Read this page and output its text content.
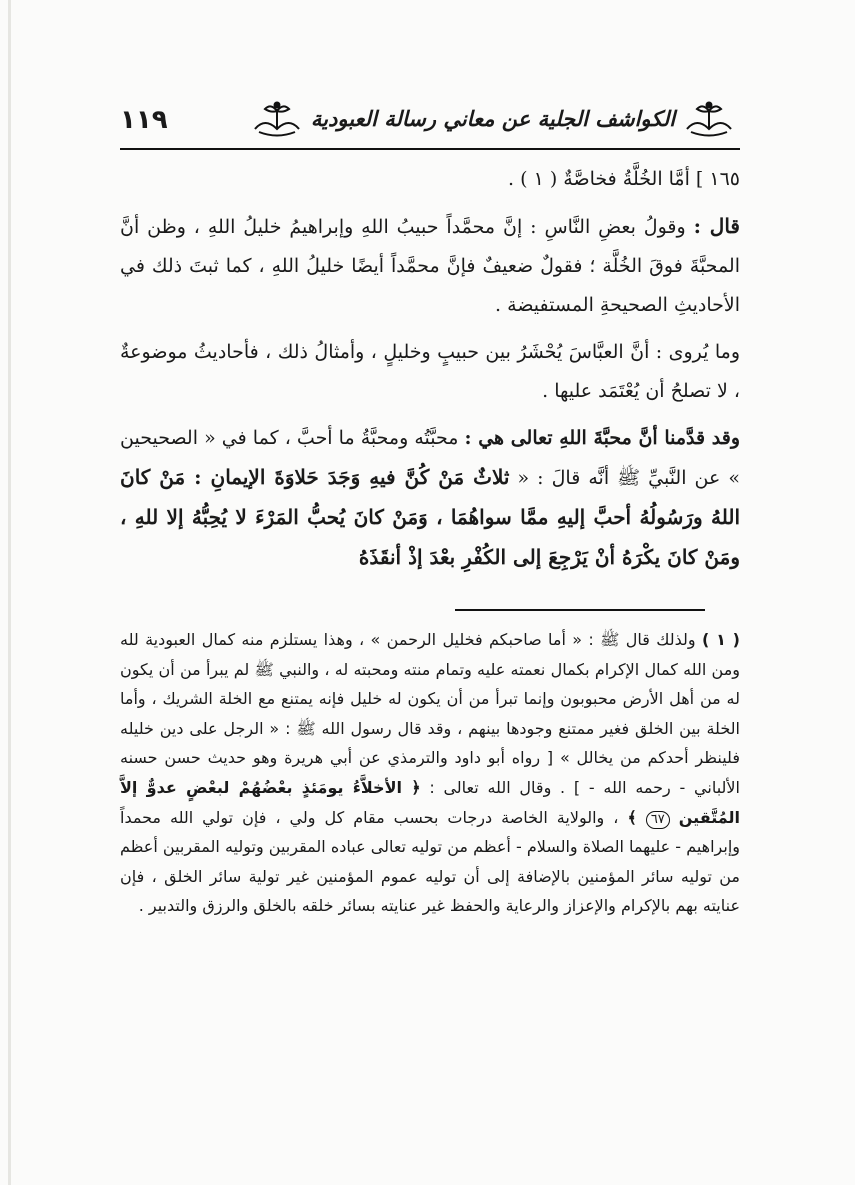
١١٩	الكواشف الجلية عن معاني رسالة العبودية

١٦٥ ] أمَّا الخُلَّةُ فخاصَّةٌ ( ١ ) .

قال : وقولُ بعضِ النَّاسِ : إنَّ محمَّداً حبيبُ اللهِ وإبراهيمُ خليلُ اللهِ ، وظن أنَّ المحبَّةَ فوقَ الخُلَّة ؛ فقولٌ ضعيفٌ فإنَّ محمَّداً أيضًا خليلُ اللهِ ، كما ثبتَ ذلك في الأحاديثِ الصحيحةِ المستفيضة .

وما يُروى : أنَّ العبَّاسَ يُحْشَرُ بين حبيبٍ وخليلٍ ، وأمثالُ ذلك ، فأحاديثُ موضوعةٌ ، لا تصلحُ أن يُعْتَمَد عليها .

وقد قدَّمنا أنَّ محبَّةَ اللهِ تعالى هي : محبَّتُه ومحبَّةُ ما أحبَّ ، كما في « الصحيحين » عن النَّبيِّ ﷺ أنَّه قالَ : « ثلاثٌ مَنْ كُنَّ فيهِ وَجَدَ حَلاوَةَ الإيمانِ : مَنْ كانَ اللهُ ورَسُولُهُ أحبَّ إليهِ ممَّا سواهُمَا ، وَمَنْ كانَ يُحبُّ المَرْءَ لا يُحِبُّهُ إلا للهِ ، ومَنْ كانَ يكْرَهُ أنْ يَرْجِعَ إلى الكُفْرِ بعْدَ إذْ أنقَذَهُ

( ١ ) ولذلك قال ﷺ : « أما صاحبكم فخليل الرحمن » ، وهذا يستلزم منه كمال العبودية لله ومن الله كمال الإكرام بكمال نعمته عليه وتمام منته ومحبته له ، والنبي ﷺ لم يبرأ من أن يكون له من أهل الأرض محبوبون وإنما تبرأ من أن يكون له خليل فإنه يمتنع مع الخلة الشريك ، وأما الخلة بين الخلق فغير ممتنع وجودها بينهم ، وقد قال رسول الله ﷺ : « الرجل على دين خليله فلينظر أحدكم من يخالل » [ رواه أبو داود والترمذي عن أبي هريرة وهو حديث حسن حسنه الألباني - رحمه الله - ] . وقال الله تعالى : ﴿ الأخلاَّءُ يومَئذٍ بعْضُهُمْ لبعْضٍ عدوٌّ إلاَّ المُتَّقين ٦٧ ﴾ ، والولاية الخاصة درجات بحسب مقام كل ولي ، فإن تولي الله محمداً وإبراهيم - عليهما الصلاة والسلام - أعظم من توليه تعالى عباده المقربين وتوليه المقربين أعظم من توليه سائر المؤمنين بالإضافة إلى أن توليه عموم المؤمنين غير تولية سائر الخلق ، فإن عنايته بهم بالإكرام والإعزاز والرعاية والحفظ غير عنايته بسائر خلقه بالخلق والرزق والتدبير .
